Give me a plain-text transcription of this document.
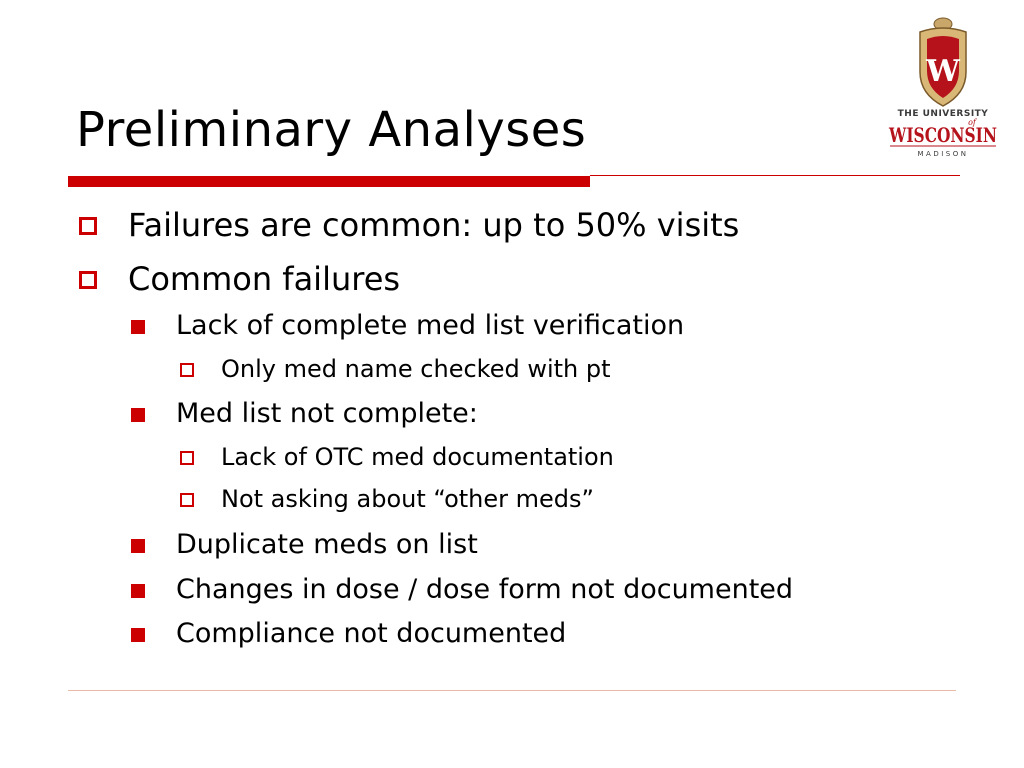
Preliminary Analyses
W
THE UNIVERSITY
of
WISCONSIN
MADISON
Failures are common: up to 50% visits
Common failures
Lack of complete med list verification
Only med name checked with pt
Med list not complete:
Lack of OTC med documentation
Not asking about “other meds”
Duplicate meds on list
Changes in dose / dose form not documented
Compliance not documented
